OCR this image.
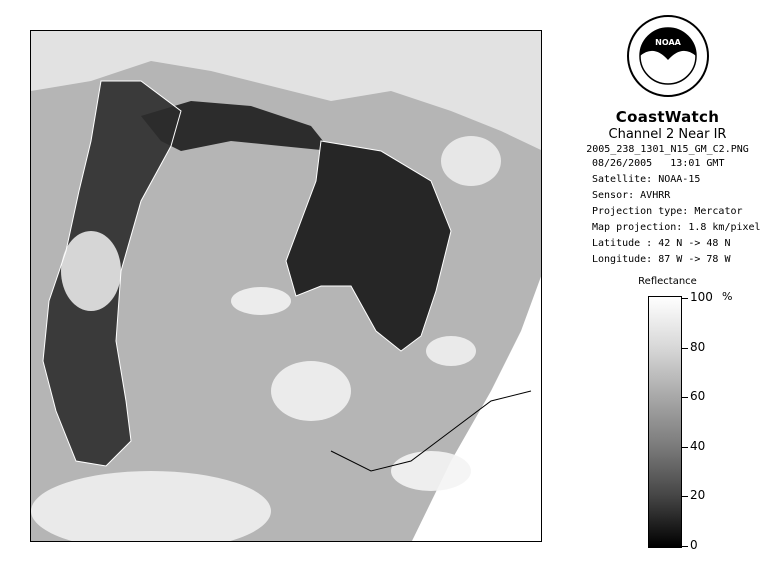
NOAA
CoastWatch
Channel 2 Near IR
2005_238_1301_N15_GM_C2.PNG
08/26/2005 13:01 GMT
Satellite: NOAA-15
Sensor: AVHRR
Projection type: Mercator
Map projection: 1.8 km/pixel
Latitude : 42 N -> 48 N
Longitude: 87 W -> 78 W
Reflectance
%
100
80
60
40
20
0
